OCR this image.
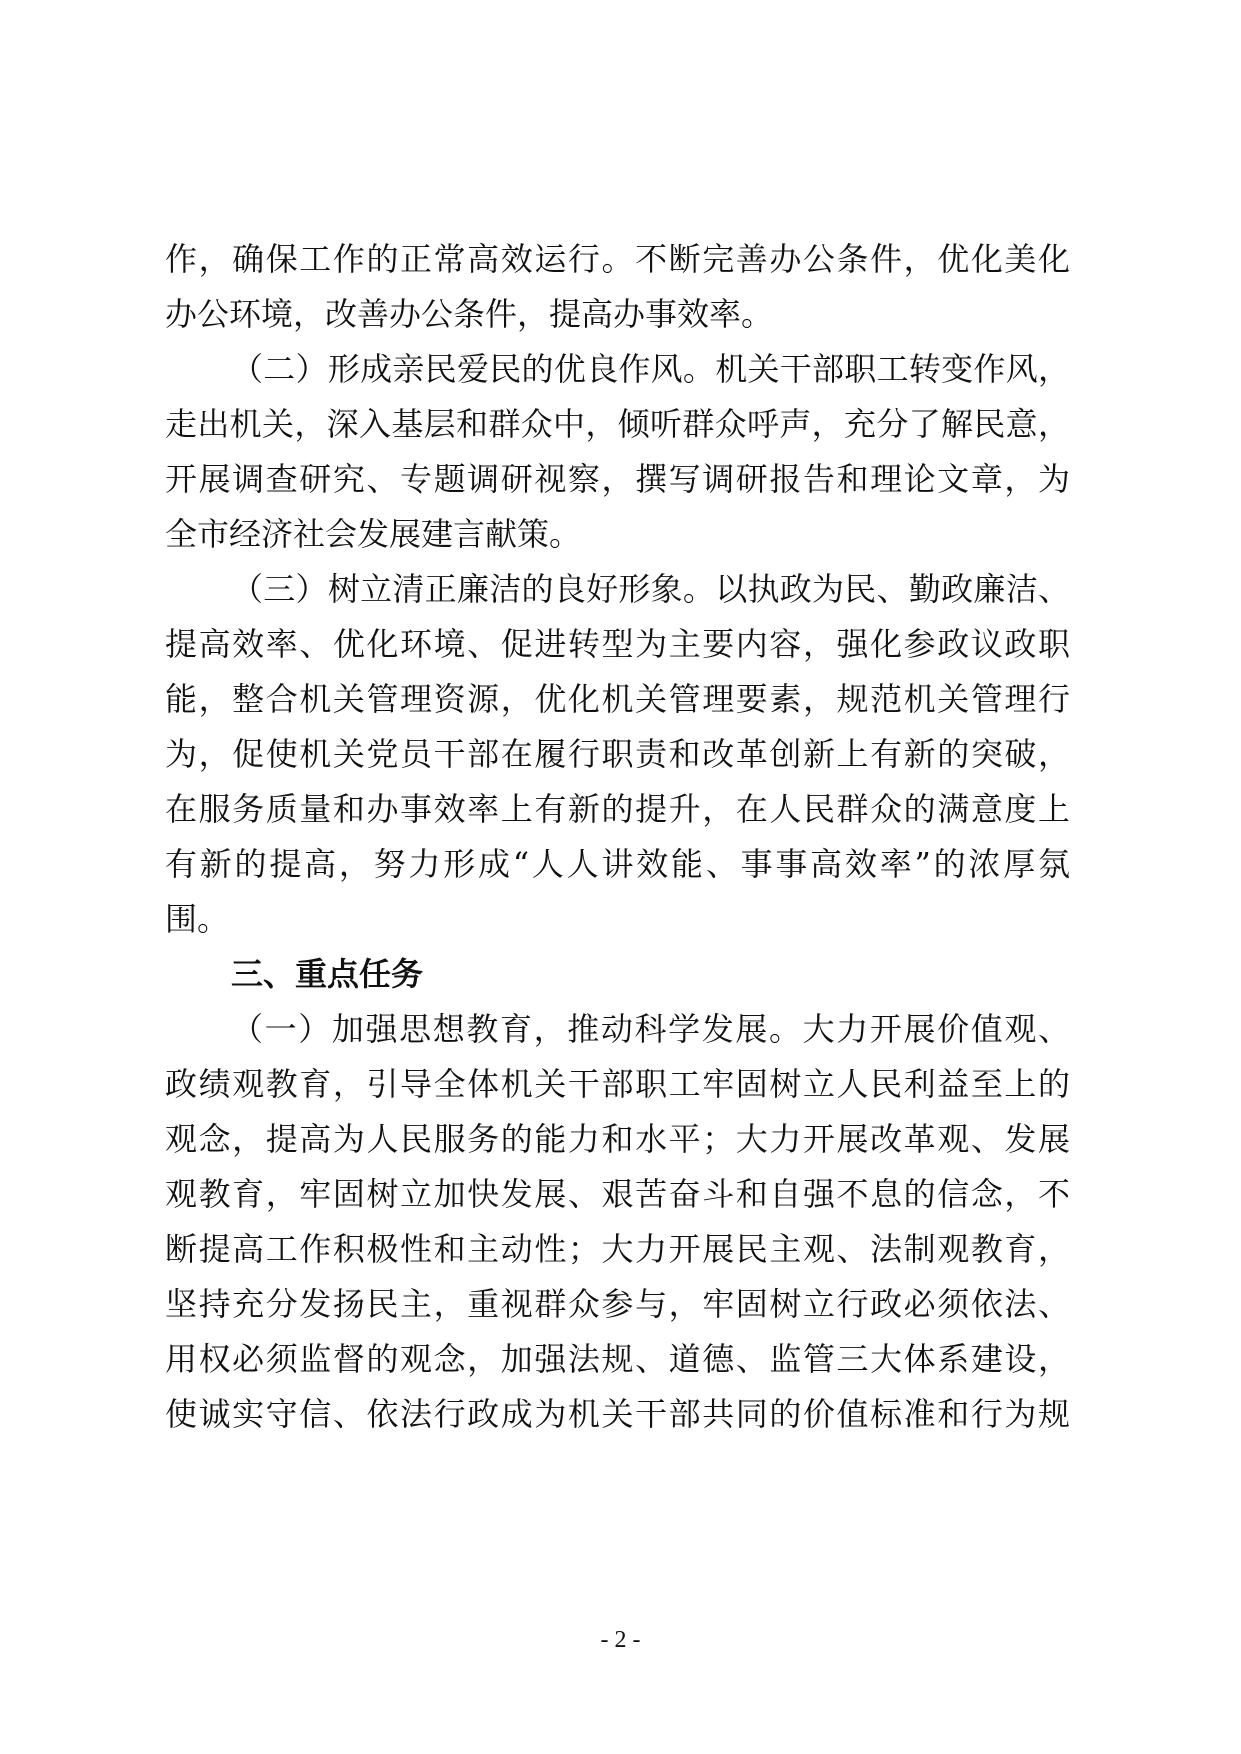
作，确保工作的正常高效运行。不断完善办公条件，优化美化
办公环境，改善办公条件，提高办事效率。
（二）形成亲民爱民的优良作风。机关干部职工转变作风，
走出机关，深入基层和群众中，倾听群众呼声，充分了解民意，
开展调查研究、专题调研视察，撰写调研报告和理论文章，为
全市经济社会发展建言献策。
（三）树立清正廉洁的良好形象。以执政为民、勤政廉洁、
提高效率、优化环境、促进转型为主要内容，强化参政议政职
能，整合机关管理资源，优化机关管理要素，规范机关管理行
为，促使机关党员干部在履行职责和改革创新上有新的突破，
在服务质量和办事效率上有新的提升，在人民群众的满意度上
有新的提高，努力形成“人人讲效能、事事高效率”的浓厚氛
围。
三、重点任务
（一）加强思想教育，推动科学发展。大力开展价值观、
政绩观教育，引导全体机关干部职工牢固树立人民利益至上的
观念，提高为人民服务的能力和水平；大力开展改革观、发展
观教育，牢固树立加快发展、艰苦奋斗和自强不息的信念，不
断提高工作积极性和主动性；大力开展民主观、法制观教育，
坚持充分发扬民主，重视群众参与，牢固树立行政必须依法、
用权必须监督的观念，加强法规、道德、监管三大体系建设，
使诚实守信、依法行政成为机关干部共同的价值标准和行为规
- 2 -
